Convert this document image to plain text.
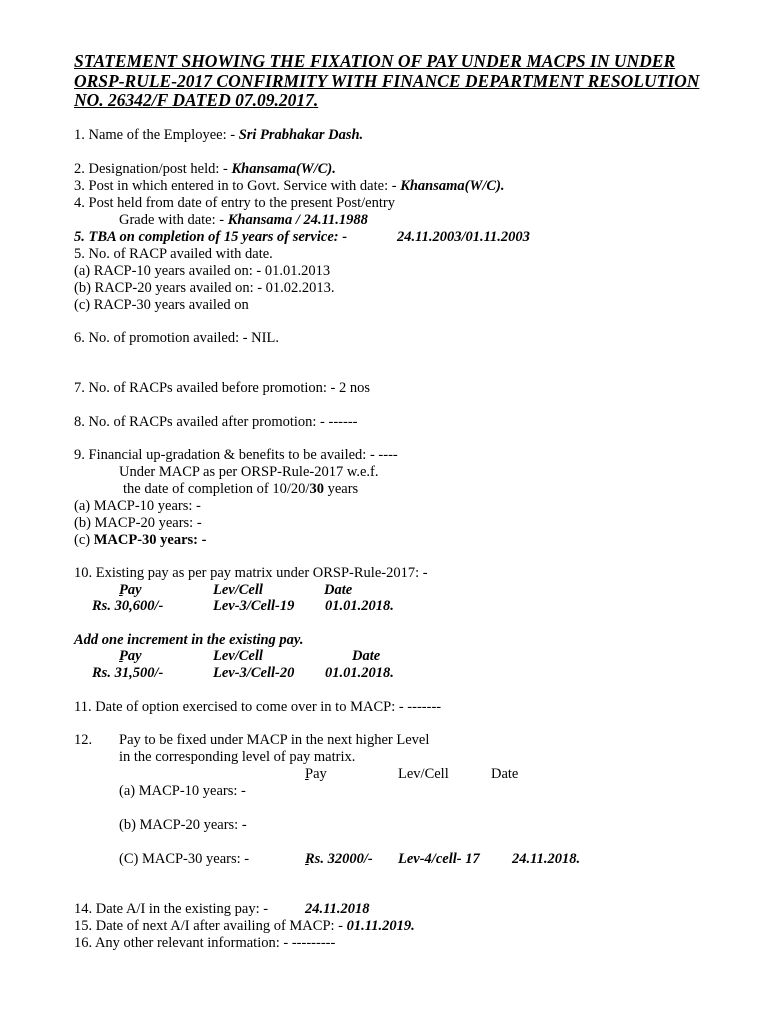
STATEMENT SHOWING THE FIXATION OF PAY UNDER MACPS IN UNDER
ORSP-RULE-2017 CONFIRMITY WITH FINANCE DEPARTMENT RESOLUTION
NO. 26342/F DATED 07.09.2017.
1. Name of the Employee: - Sri Prabhakar Dash.
2. Designation/post held: - Khansama(W/C).
3. Post in which entered in to Govt. Service with date: - Khansama(W/C).
4. Post held from date of entry to the present Post/entry
Grade with date: - Khansama / 24.11.1988
5. TBA on completion of 15 years of service: -	24.11.2003/01.11.2003
5. No. of RACP availed with date.
(a) RACP-10 years availed on: - 01.01.2013
(b) RACP-20 years availed on: - 01.02.2013.
(c) RACP-30 years availed on
6. No. of promotion availed: - NIL.
7. No. of RACPs availed before promotion: - 2 nos
8. No. of RACPs availed after promotion: - ------
9. Financial up-gradation & benefits to be availed: - ----
Under MACP as per ORSP-Rule-2017 w.e.f.
the date of completion of 10/20/30 years
(a) MACP-10 years: -
(b) MACP-20 years: -
(c) MACP-30 years: -
10. Existing pay as per pay matrix under ORSP-Rule-2017: -
Pay	Lev/Cell	Date

Rs. 30,600/-	Lev-3/Cell-19 01.01.2018.
Add one increment in the existing pay.
Pay	Lev/Cell	Date

Rs. 31,500/-	Lev-3/Cell-20 01.01.2018.
11. Date of option exercised to come over in to MACP: - -------
12. Pay to be fixed under MACP in the next higher Level
in the corresponding level of pay matrix.
Pay	Lev/Cell	Date

(a) MACP-10 years: -
(b) MACP-20 years: -
(C) MACP-30 years: -	Rs. 32000/- Lev-4/cell- 17 24.11.2018.

14. Date A/I in the existing pay: -	24.11.2018
15. Date of next A/I after availing of MACP: - 01.11.2019.
16. Any other relevant information: - ---------
